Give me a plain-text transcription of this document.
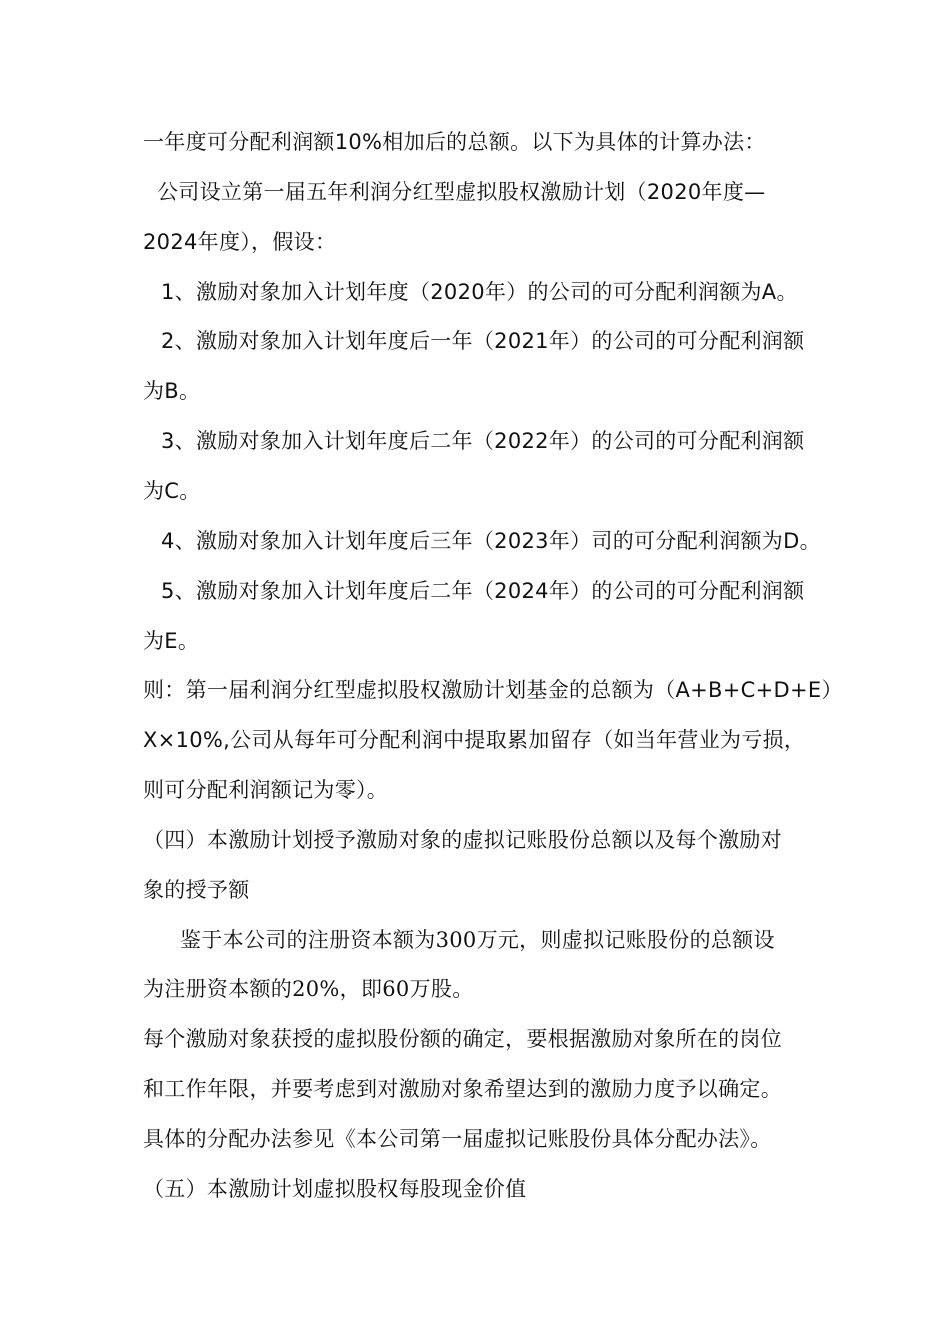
一年度可分配利润额10%相加后的总额。以下为具体的计算办法：
公司设立第一届五年利润分红型虚拟股权激励计划（2020年度—
2024年度），假设：
1、激励对象加入计划年度（2020年）的公司的可分配利润额为A。
2、激励对象加入计划年度后一年（2021年）的公司的可分配利润额
为B。
3、激励对象加入计划年度后二年（2022年）的公司的可分配利润额
为C。
4、激励对象加入计划年度后三年（2023年）司的可分配利润额为D。
5、激励对象加入计划年度后二年（2024年）的公司的可分配利润额
为E。
则：第一届利润分红型虚拟股权激励计划基金的总额为（A+B+C+D+E）
X×10%,公司从每年可分配利润中提取累加留存（如当年营业为亏损，
则可分配利润额记为零）。
（四）本激励计划授予激励对象的虚拟记账股份总额以及每个激励对
象的授予额
鉴于本公司的注册资本额为300万元，则虚拟记账股份的总额设
为注册资本额的20%，即60万股。
每个激励对象获授的虚拟股份额的确定，要根据激励对象所在的岗位
和工作年限，并要考虑到对激励对象希望达到的激励力度予以确定。
具体的分配办法参见《本公司第一届虚拟记账股份具体分配办法》。
（五）本激励计划虚拟股权每股现金价值
